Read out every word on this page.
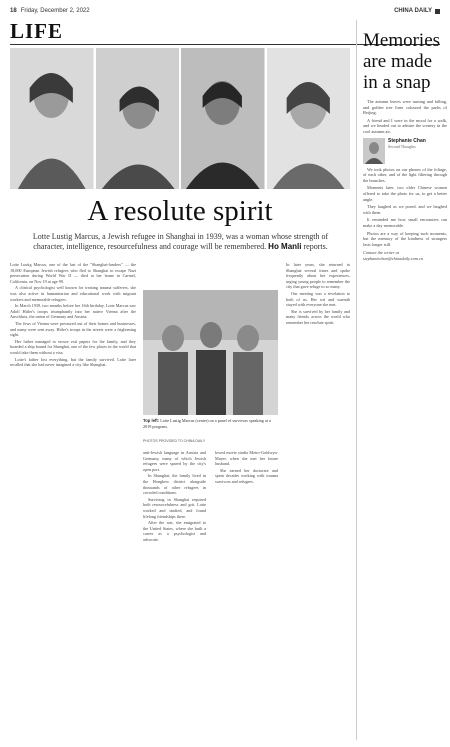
18 Friday, December 2, 2022	CHINA DAILY
LIFE
A resolute spirit
Lotte Lustig Marcus, a Jewish refugee in Shanghai in 1939, was a woman whose strength of character, intelligence, resourcefulness and courage will be remembered. Ho Manli reports.

Lotte Lustig Marcus, one of the last of the "Shanghai-landers" — the 18,000 European Jewish refugees who fled to Shanghai to escape Nazi persecution during World War II — died at her home in Carmel, California, on Nov 19 at age 99.

A clinical psychologist well known for treating trauma sufferers, she was also active in humanitarian and educational work with migrant workers and memorable refugees.

In March 1939, two months before her 16th birthday, Lotte Marcus saw Adolf Hitler's troops triumphantly into her native Vienna after the Anschluss, the union of Germany and Austria.

The Jews of Vienna were pressured out of their homes and businesses, and many were sent away. Hitler's troops in the streets were a frightening sight.

Her father managed to secure exit papers for the family, and they boarded a ship bound for Shanghai, one of the few places in the world that would take them without a visa.

Lotte's father lost everything, but the family survived. Lotte later recalled that she had never imagined a city like Shanghai.

Top left: Lotte Lustig Marcus (center) on a panel of survivors speaking at a 2019 program.
PHOTOS PROVIDED TO CHINA DAILY

anti-Jewish language in Austria and Germany, many of which Jewish refugees were spared by the city's open port.

In Shanghai, the family lived in the Hongkew district alongside thousands of other refugees in crowded conditions.

Surviving in Shanghai required both resourcefulness and grit. Lotte worked and studied, and found lifelong friendships there.

After the war, she emigrated to the United States, where she built a career as a psychologist and advocate.

lowed movie studio Metro-Goldwyn-Mayer, when she met her future husband.

She earned her doctorate and spent decades working with trauma survivors and refugees.

In later years, she returned to Shanghai several times and spoke frequently about her experiences, urging young people to remember the city that gave refuge to so many.

Our meeting was a revelation to both of us. Her wit and warmth stayed with everyone she met.

She is survived by her family and many friends across the world who remember her resolute spirit.

Memories are made in a snap

The autumn leaves were turning and falling, and golden tree lines coloured the parks of Beijing.

A friend and I were in the mood for a walk, and we headed out to admire the scenery in the cool autumn air.

Stephanie Chan
Second Thoughts

We took photos on our phones of the foliage, of each other, and of the light filtering through the branches.

Moments later, two older Chinese women offered to take the photo for us, to get a better angle.

They laughed as we posed, and we laughed with them.

It reminded me how small encounters can make a day memorable.

Photos are a way of keeping such moments, but the memory of the kindness of strangers lasts longer still.

Contact the writer at stephaniechan@chinadaily.com.cn
